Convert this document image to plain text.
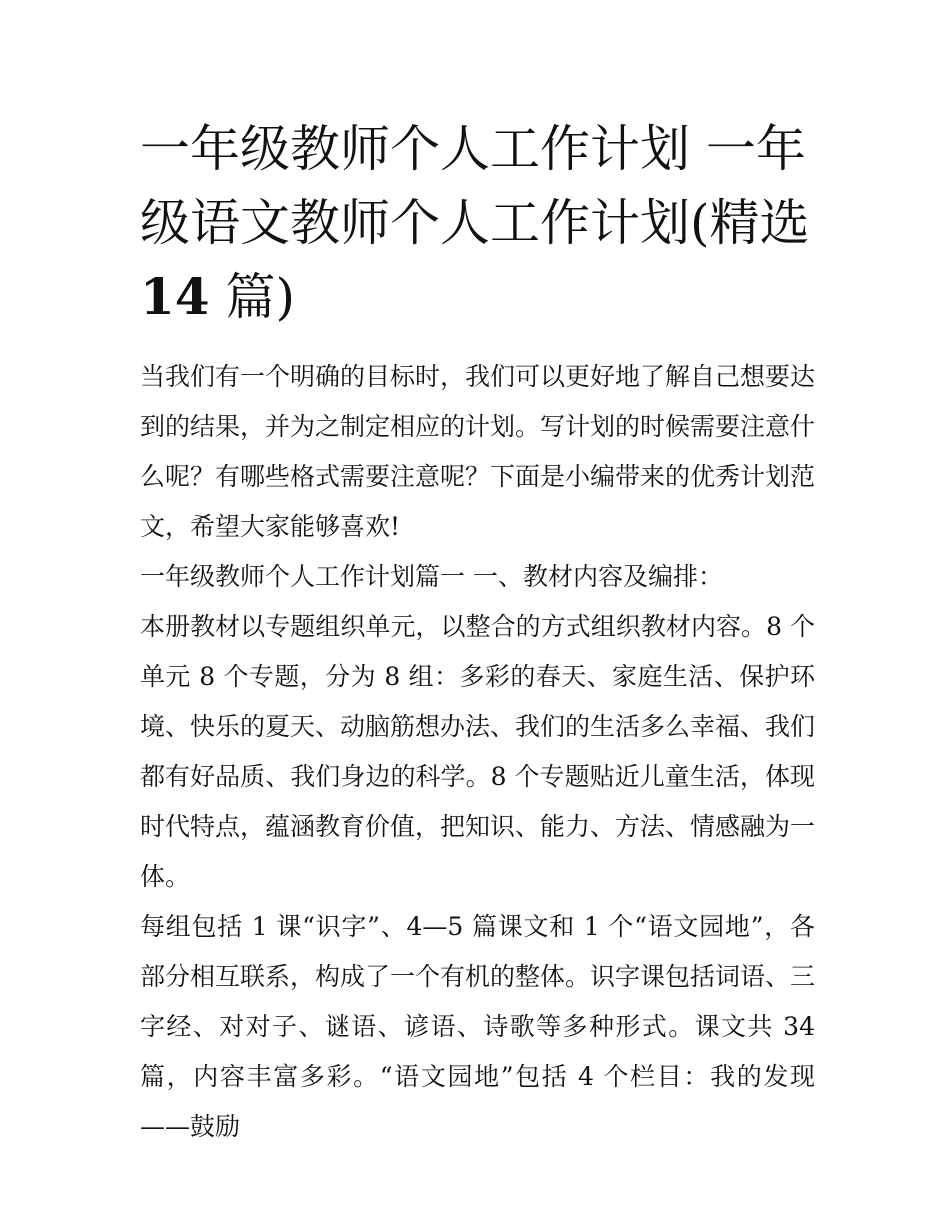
一年级教师个人工作计划 一年级语文教师个人工作计划(精选
14 篇)

当我们有一个明确的目标时，我们可以更好地了解自己想要达到的结果，并为之制定相应的计划。写计划的时候需要注意什么呢？有哪些格式需要注意呢？下面是小编带来的优秀计划范文，希望大家能够喜欢!

一年级教师个人工作计划篇一 一、教材内容及编排：

本册教材以专题组织单元，以整合的方式组织教材内容。8 个单元 8 个专题，分为 8 组：多彩的春天、家庭生活、保护环境、快乐的夏天、动脑筋想办法、我们的生活多么幸福、我们都有好品质、我们身边的科学。8 个专题贴近儿童生活，体现时代特点，蕴涵教育价值，把知识、能力、方法、情感融为一体。

每组包括 1 课“识字”、4—5 篇课文和 1 个“语文园地”，各部分相互联系，构成了一个有机的整体。识字课包括词语、三字经、对对子、谜语、谚语、诗歌等多种形式。课文共 34 篇，内容丰富多彩。“语文园地”包括 4 个栏目：我的发现——鼓励
